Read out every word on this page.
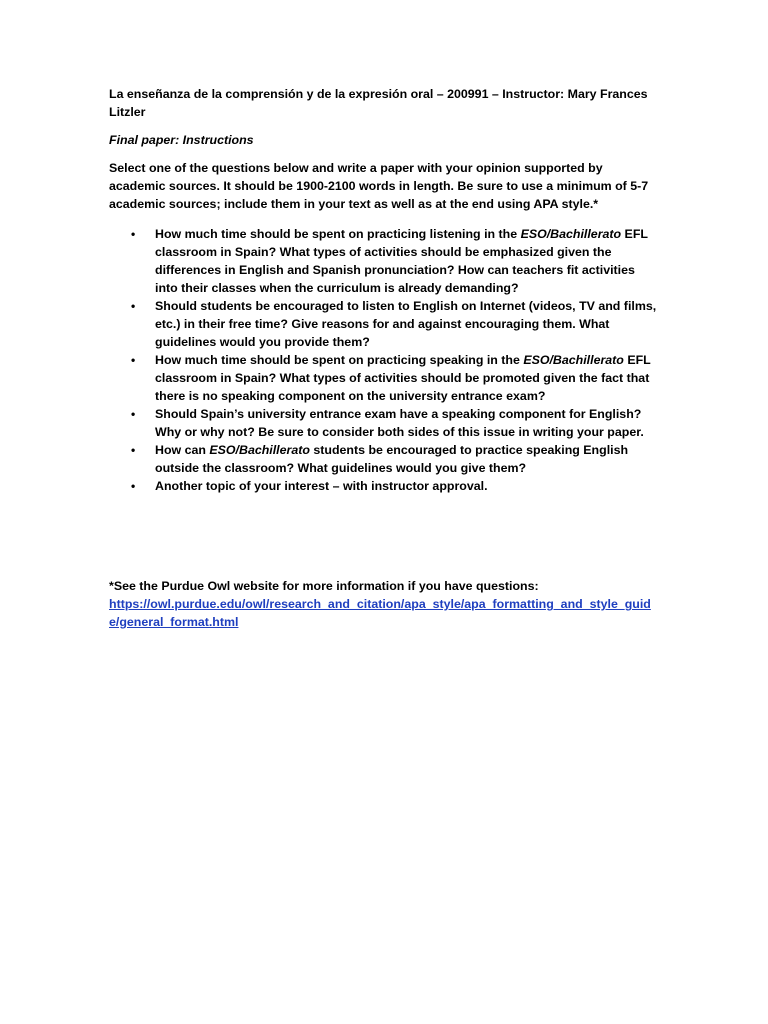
La enseñanza de la comprensión y de la expresión oral – 200991 – Instructor: Mary Frances Litzler

Final paper: Instructions

Select one of the questions below and write a paper with your opinion supported by academic sources. It should be 1900-2100 words in length. Be sure to use a minimum of 5-7 academic sources; include them in your text as well as at the end using APA style.*

• How much time should be spent on practicing listening in the ESO/Bachillerato EFL classroom in Spain? What types of activities should be emphasized given the differences in English and Spanish pronunciation? How can teachers fit activities into their classes when the curriculum is already demanding?
• Should students be encouraged to listen to English on Internet (videos, TV and films, etc.) in their free time? Give reasons for and against encouraging them. What guidelines would you provide them?
• How much time should be spent on practicing speaking in the ESO/Bachillerato EFL classroom in Spain? What types of activities should be promoted given the fact that there is no speaking component on the university entrance exam?
• Should Spain’s university entrance exam have a speaking component for English? Why or why not? Be sure to consider both sides of this issue in writing your paper.
• How can ESO/Bachillerato students be encouraged to practice speaking English outside the classroom? What guidelines would you give them?
• Another topic of your interest – with instructor approval.
*See the Purdue Owl website for more information if you have questions:
https://owl.purdue.edu/owl/research_and_citation/apa_style/apa_formatting_and_style_guide/general_format.html
